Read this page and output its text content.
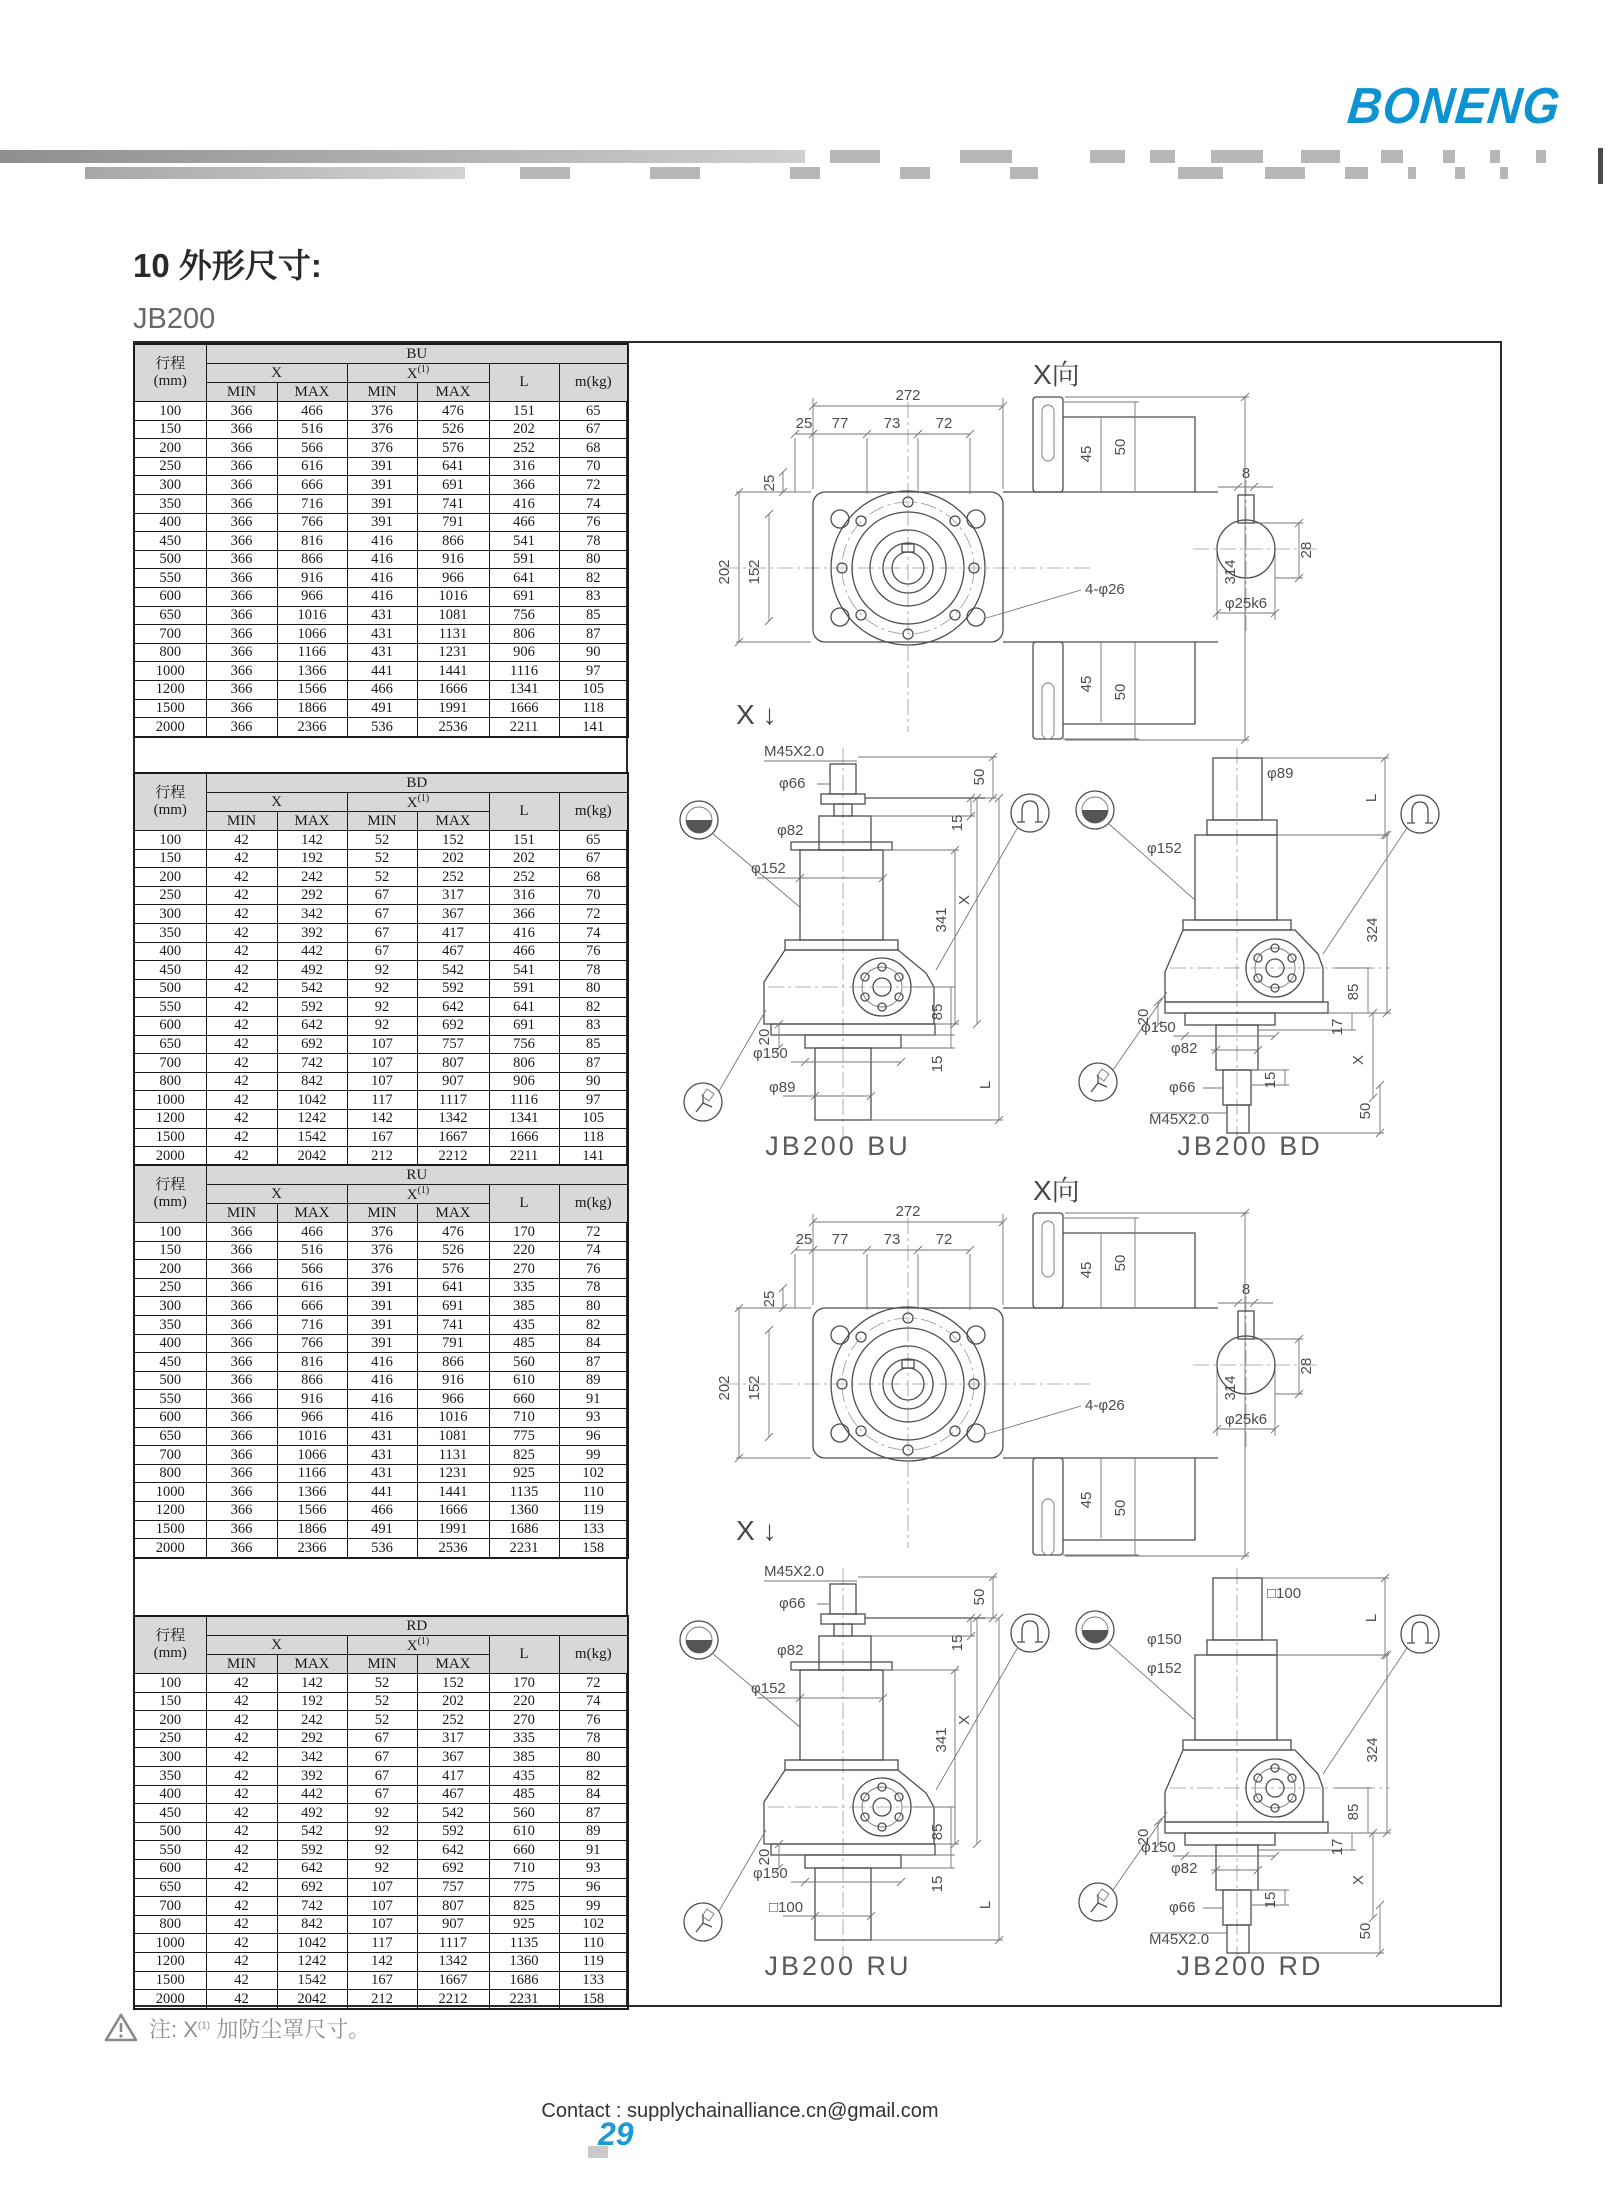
BONENG
10 外形尺寸:
JB200
行程
(mm)	BU					
	X		$X^{(1)}$		L	m(kg)
	MIN	MAX	MIN	MAX		
100	366	466	376	476	151	65
150	366	516	376	526	202	67
200	366	566	376	576	252	68
250	366	616	391	641	316	70
300	366	666	391	691	366	72
350	366	716	391	741	416	74
400	366	766	391	791	466	76
450	366	816	416	866	541	78
500	366	866	416	916	591	80
550	366	916	416	966	641	82
600	366	966	416	1016	691	83
650	366	1016	431	1081	756	85
700	366	1066	431	1131	806	87
800	366	1166	431	1231	906	90
1000	366	1366	441	1441	1116	97
1200	366	1566	466	1666	1341	105
1500	366	1866	491	1991	1666	118
2000	366	2366	536	2536	2211	141
行程
(mm)	BD					
	X		$X^{(1)}$		L	m(kg)
	MIN	MAX	MIN	MAX		
100	42	142	52	152	151	65
150	42	192	52	202	202	67
200	42	242	52	252	252	68
250	42	292	67	317	316	70
300	42	342	67	367	366	72
350	42	392	67	417	416	74
400	42	442	67	467	466	76
450	42	492	92	542	541	78
500	42	542	92	592	591	80
550	42	592	92	642	641	82
600	42	642	92	692	691	83
650	42	692	107	757	756	85
700	42	742	107	807	806	87
800	42	842	107	907	906	90
1000	42	1042	117	1117	1116	97
1200	42	1242	142	1342	1341	105
1500	42	1542	167	1667	1666	118
2000	42	2042	212	2212	2211	141
行程
(mm)	RU					
	X		$X^{(1)}$		L	m(kg)
	MIN	MAX	MIN	MAX		
100	366	466	376	476	170	72
150	366	516	376	526	220	74
200	366	566	376	576	270	76
250	366	616	391	641	335	78
300	366	666	391	691	385	80
350	366	716	391	741	435	82
400	366	766	391	791	485	84
450	366	816	416	866	560	87
500	366	866	416	916	610	89
550	366	916	416	966	660	91
600	366	966	416	1016	710	93
650	366	1016	431	1081	775	96
700	366	1066	431	1131	825	99
800	366	1166	431	1231	925	102
1000	366	1366	441	1441	1135	110
1200	366	1566	466	1666	1360	119
1500	366	1866	491	1991	1686	133
2000	366	2366	536	2536	2231	158
行程
(mm)	RD					
	X		$X^{(1)}$		L	m(kg)
	MIN	MAX	MIN	MAX		
100	42	142	52	152	170	72
150	42	192	52	202	220	74
200	42	242	52	252	270	76
250	42	292	67	317	335	78
300	42	342	67	367	385	80
350	42	392	67	417	435	82
400	42	442	67	467	485	84
450	42	492	92	542	560	87
500	42	542	92	592	610	89
550	42	592	92	642	660	91
600	42	642	92	692	710	93
650	42	692	107	757	775	96
700	42	742	107	807	825	99
800	42	842	107	907	925	102
1000	42	1042	117	1117	1135	110
1200	42	1242	142	1342	1360	119
1500	42	1542	167	1667	1686	133
2000	42	2042	212	2212	2231	158
X向
272
25 77 73 72
25
202 152
45 50
45 50
314
4-φ26
8
28
φ25k6
X ↓
X向
272
25 77 73 72
25
202 152
45 50
45 50
314
4-φ26
8
28
φ25k6
X ↓
M45X2.0
φ66
φ82
φ152
50
15
341
X
85
15
20
φ150
φ89	L
JB200 BU
φ89
L
φ152
324
85
20
φ150
φ82
17
X
15
φ66
50
M45X2.0
JB200 BD
M45X2.0
φ66
φ82
φ152
50
15
341
X
85
15
20
φ150
□100	L
JB200 RU
□100
φ150
L
φ152
324
85
20
φ150
φ82
17
X
15
φ66
50
M45X2.0
JB200 RD
注: $X^{(1)}$ 加防尘罩尺寸。
Contact : supplychainalliance.cn@gmail.com
29
